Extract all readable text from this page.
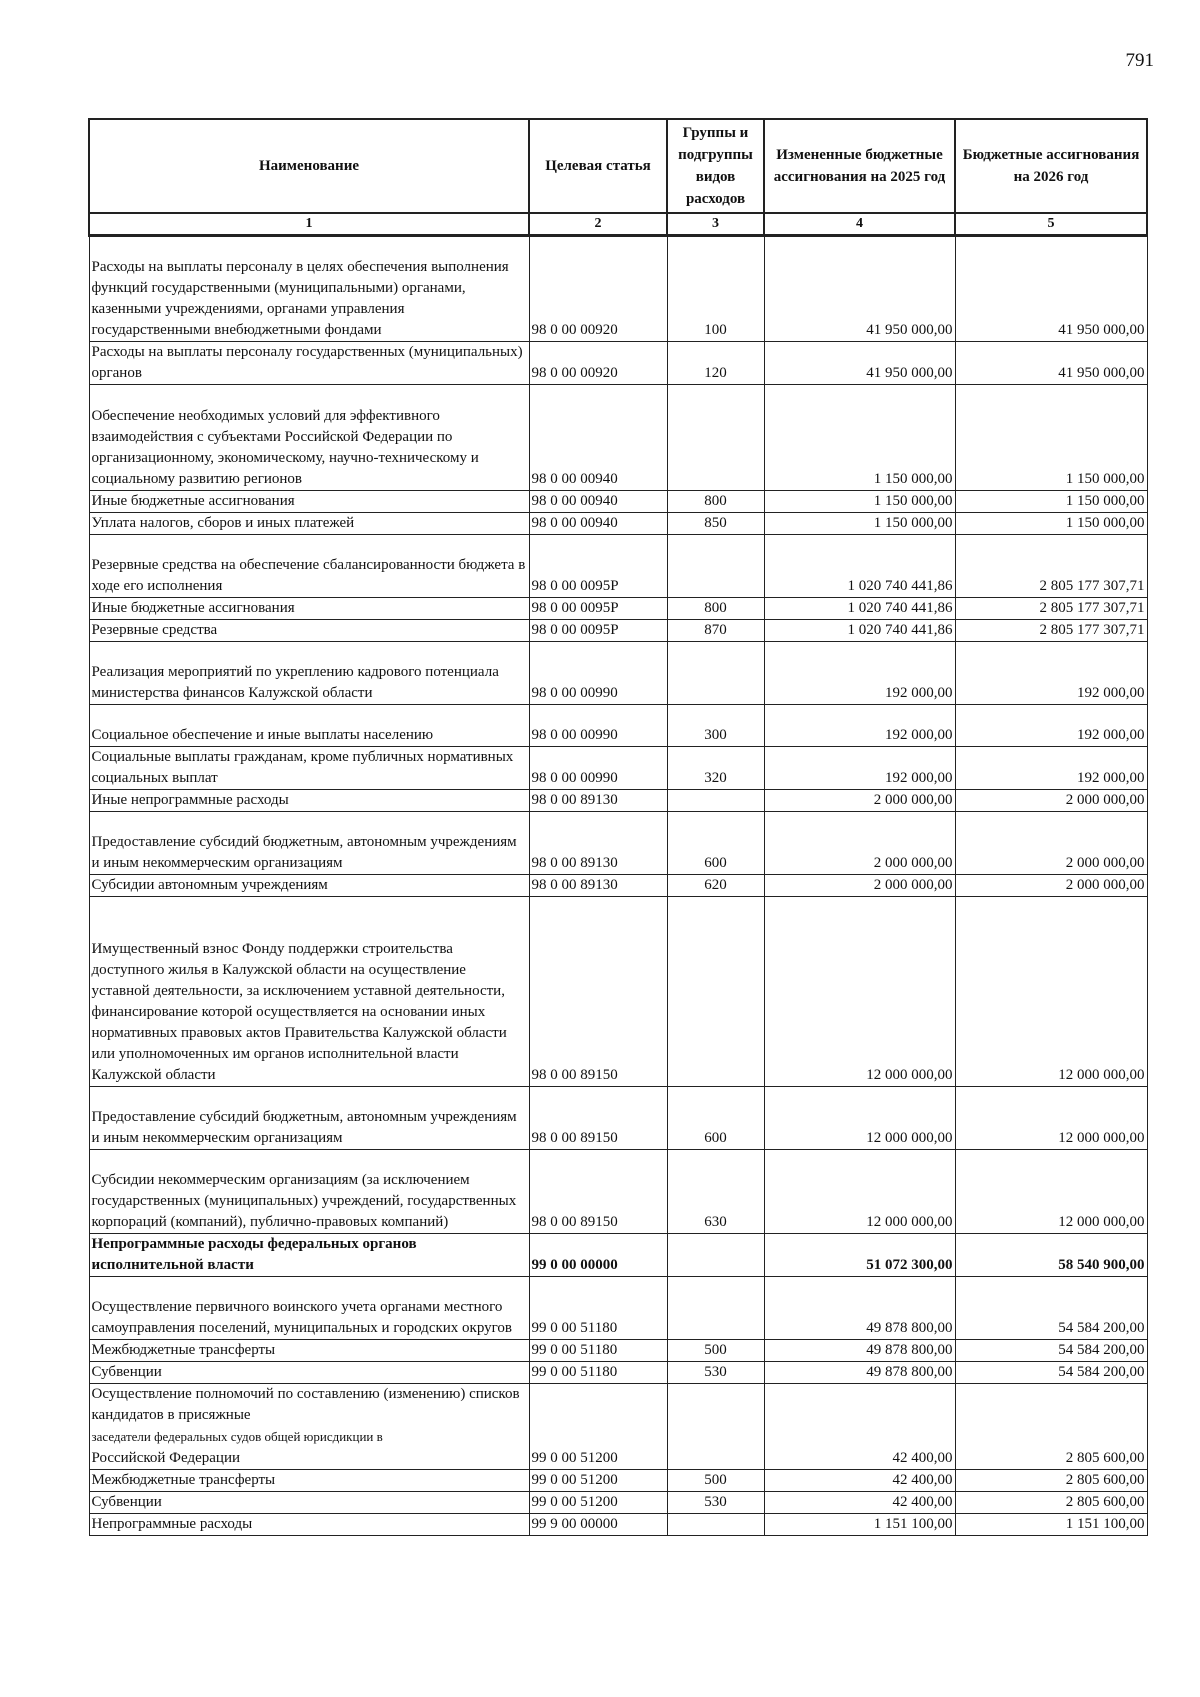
791
Наименование	Целевая статья	Группы и подгруппы видов расходов	Измененные бюджетные ассигнования на 2025 год	Бюджетные ассигнования на 2026 год
1	2	3	4	5
Расходы на выплаты персоналу в целях обеспечения выполнения функций государственными (муниципальными) органами, казенными учреждениями, органами управления государственными внебюджетными фондами	98 0 00 00920	100	41 950 000,00	41 950 000,00
Расходы на выплаты персоналу государственных (муниципальных) органов	98 0 00 00920	120	41 950 000,00	41 950 000,00
Обеспечение необходимых условий для эффективного взаимодействия с субъектами Российской Федерации по организационному, экономическому, научно-техническому и социальному развитию регионов	98 0 00 00940		1 150 000,00	1 150 000,00
Иные бюджетные ассигнования	98 0 00 00940	800	1 150 000,00	1 150 000,00
Уплата налогов, сборов и иных платежей	98 0 00 00940	850	1 150 000,00	1 150 000,00
Резервные средства на обеспечение сбалансированности бюджета в ходе его исполнения	98 0 00 0095Р		1 020 740 441,86	2 805 177 307,71
Иные бюджетные ассигнования	98 0 00 0095Р	800	1 020 740 441,86	2 805 177 307,71
Резервные средства	98 0 00 0095Р	870	1 020 740 441,86	2 805 177 307,71
Реализация мероприятий по укреплению кадрового потенциала министерства финансов Калужской области	98 0 00 00990		192 000,00	192 000,00
Социальное обеспечение и иные выплаты населению	98 0 00 00990	300	192 000,00	192 000,00
Социальные выплаты гражданам, кроме публичных нормативных социальных выплат	98 0 00 00990	320	192 000,00	192 000,00
Иные непрограммные расходы	98 0 00 89130		2 000 000,00	2 000 000,00
Предоставление субсидий бюджетным, автономным учреждениям и иным некоммерческим организациям	98 0 00 89130	600	2 000 000,00	2 000 000,00
Субсидии автономным учреждениям	98 0 00 89130	620	2 000 000,00	2 000 000,00
Имущественный взнос Фонду поддержки строительства доступного жилья в Калужской области на осуществление уставной деятельности, за исключением уставной деятельности, финансирование которой осуществляется на основании иных нормативных правовых актов Правительства Калужской области или уполномоченных им органов исполнительной власти Калужской области	98 0 00 89150		12 000 000,00	12 000 000,00
Предоставление субсидий бюджетным, автономным учреждениям и иным некоммерческим организациям	98 0 00 89150	600	12 000 000,00	12 000 000,00
Субсидии некоммерческим организациям (за исключением государственных (муниципальных) учреждений, государственных корпораций (компаний), публично-правовых компаний)	98 0 00 89150	630	12 000 000,00	12 000 000,00
Непрограммные расходы федеральных органов исполнительной власти	99 0 00 00000		51 072 300,00	58 540 900,00
Осуществление первичного воинского учета органами местного самоуправления поселений, муниципальных и городских округов	99 0 00 51180		49 878 800,00	54 584 200,00
Межбюджетные трансферты	99 0 00 51180	500	49 878 800,00	54 584 200,00
Субвенции	99 0 00 51180	530	49 878 800,00	54 584 200,00
Осуществление полномочий по составлению (изменению) списков кандидатов в присяжные
заседатели федеральных судов общей юрисдикции в
Российской Федерации	99 0 00 51200		42 400,00	2 805 600,00
Межбюджетные трансферты	99 0 00 51200	500	42 400,00	2 805 600,00
Субвенции	99 0 00 51200	530	42 400,00	2 805 600,00
Непрограммные расходы	99 9 00 00000		1 151 100,00	1 151 100,00
